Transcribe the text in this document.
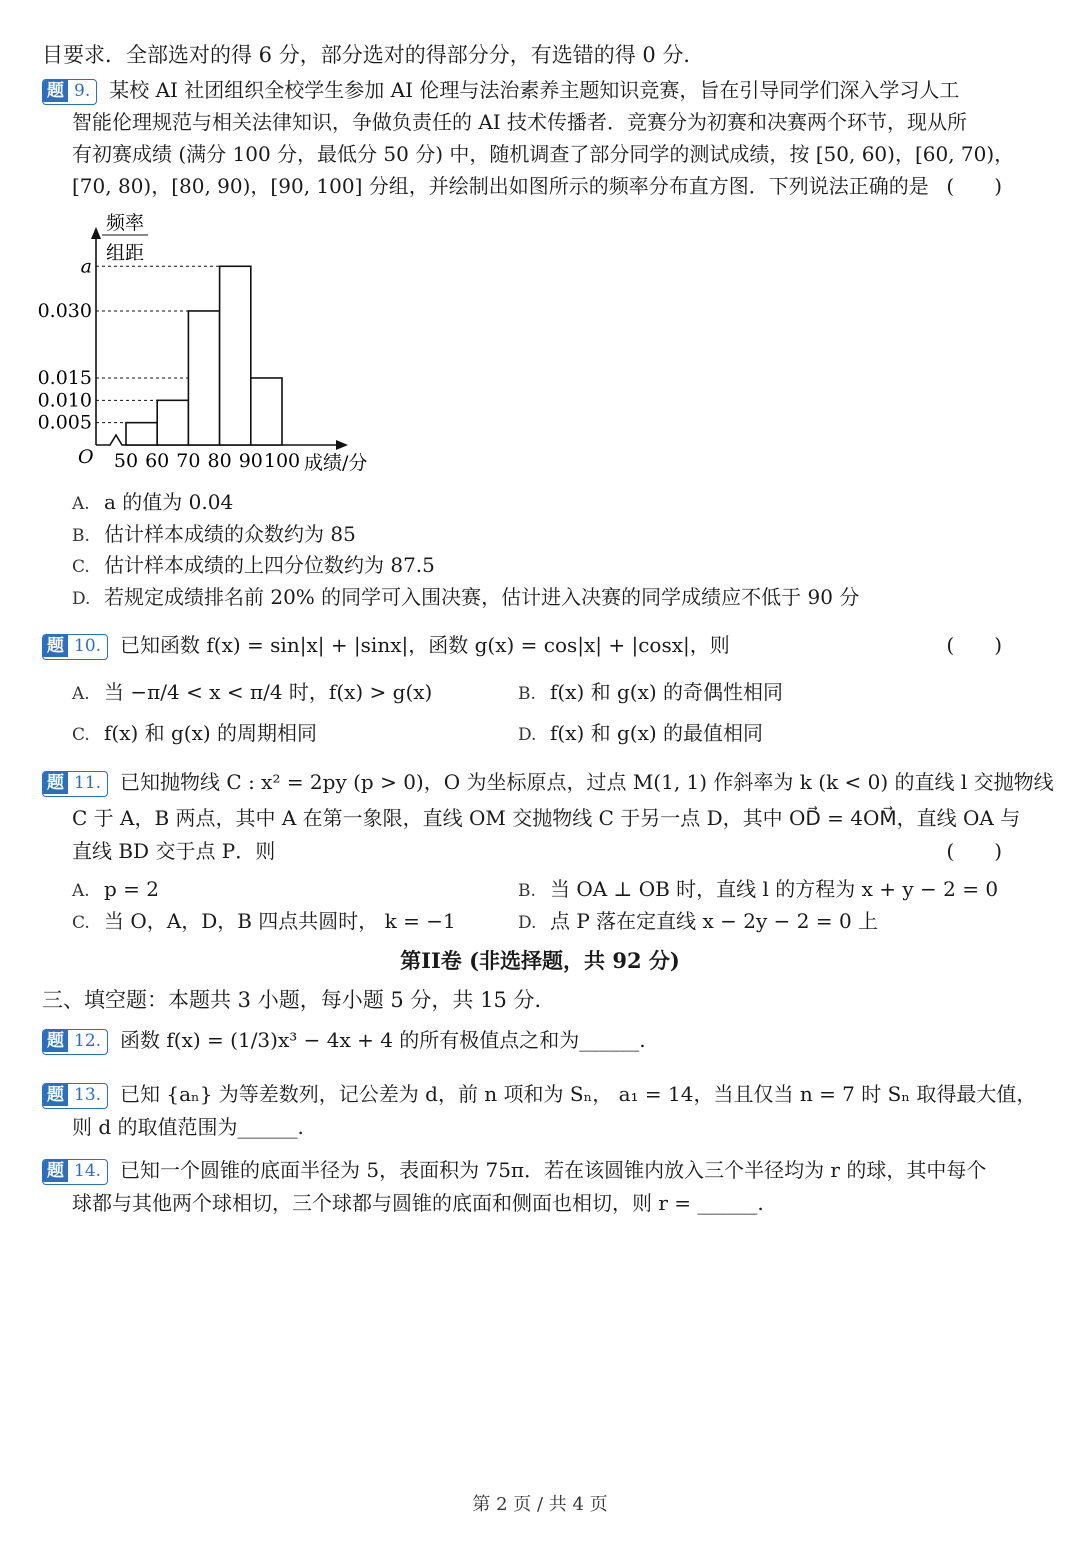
目要求．全部选对的得 6 分，部分选对的得部分分，有选错的得 0 分．
题 9. 某校 AI 社团组织全校学生参加 AI 伦理与法治素养主题知识竞赛，旨在引导同学们深入学习人工
智能伦理规范与相关法律知识，争做负责任的 AI 技术传播者．竞赛分为初赛和决赛两个环节，现从所
有初赛成绩 (满分 100 分，最低分 50 分) 中，随机调查了部分同学的测试成绩，按 [50, 60)，[60, 70)，
[70, 80)，[80, 90)，[90, 100] 分组，并绘制出如图所示的频率分布直方图．下列说法正确的是 (　　)
0.005
0.010
0.015
0.030
a
50 60 70 80 90 100
频率
组距
O	成绩/分
A. a 的值为 0.04
B. 估计样本成绩的众数约为 85
C. 估计样本成绩的上四分位数约为 87.5
D. 若规定成绩排名前 20% 的同学可入围决赛，估计进入决赛的同学成绩应不低于 90 分
题 10. 已知函数 f(x) = sin|x| + |sinx|，函数 g(x) = cos|x| + |cosx|，则	(　　)
A. 当 −π/4 < x < π/4 时，f(x) > g(x)	B. f(x) 和 g(x) 的奇偶性相同
C. f(x) 和 g(x) 的周期相同	D. f(x) 和 g(x) 的最值相同
题 11. 已知抛物线 C : x² = 2py (p > 0)，O 为坐标原点，过点 M(1, 1) 作斜率为 k (k < 0) 的直线 l 交抛物线
C 于 A，B 两点，其中 A 在第一象限，直线 OM 交抛物线 C 于另一点 D，其中 OD⃗ = 4OM⃗，直线 OA 与
直线 BD 交于点 P．则	(　　)
A. p = 2	B. 当 OA ⊥ OB 时，直线 l 的方程为 x + y − 2 = 0
C. 当 O，A，D，B 四点共圆时， k = −1	D. 点 P 落在定直线 x − 2y − 2 = 0 上
第II卷 (非选择题，共 92 分)
三、填空题：本题共 3 小题，每小题 5 分，共 15 分．
题 12. 函数 f(x) = (1/3)x³ − 4x + 4 的所有极值点之和为______.
题 13. 已知 {aₙ} 为等差数列，记公差为 d，前 n 项和为 Sₙ， a₁ = 14，当且仅当 n = 7 时 Sₙ 取得最大值，
则 d 的取值范围为______.
题 14. 已知一个圆锥的底面半径为 5，表面积为 75π．若在该圆锥内放入三个半径均为 r 的球，其中每个
球都与其他两个球相切，三个球都与圆锥的底面和侧面也相切，则 r = ______.
第 2 页 / 共 4 页
